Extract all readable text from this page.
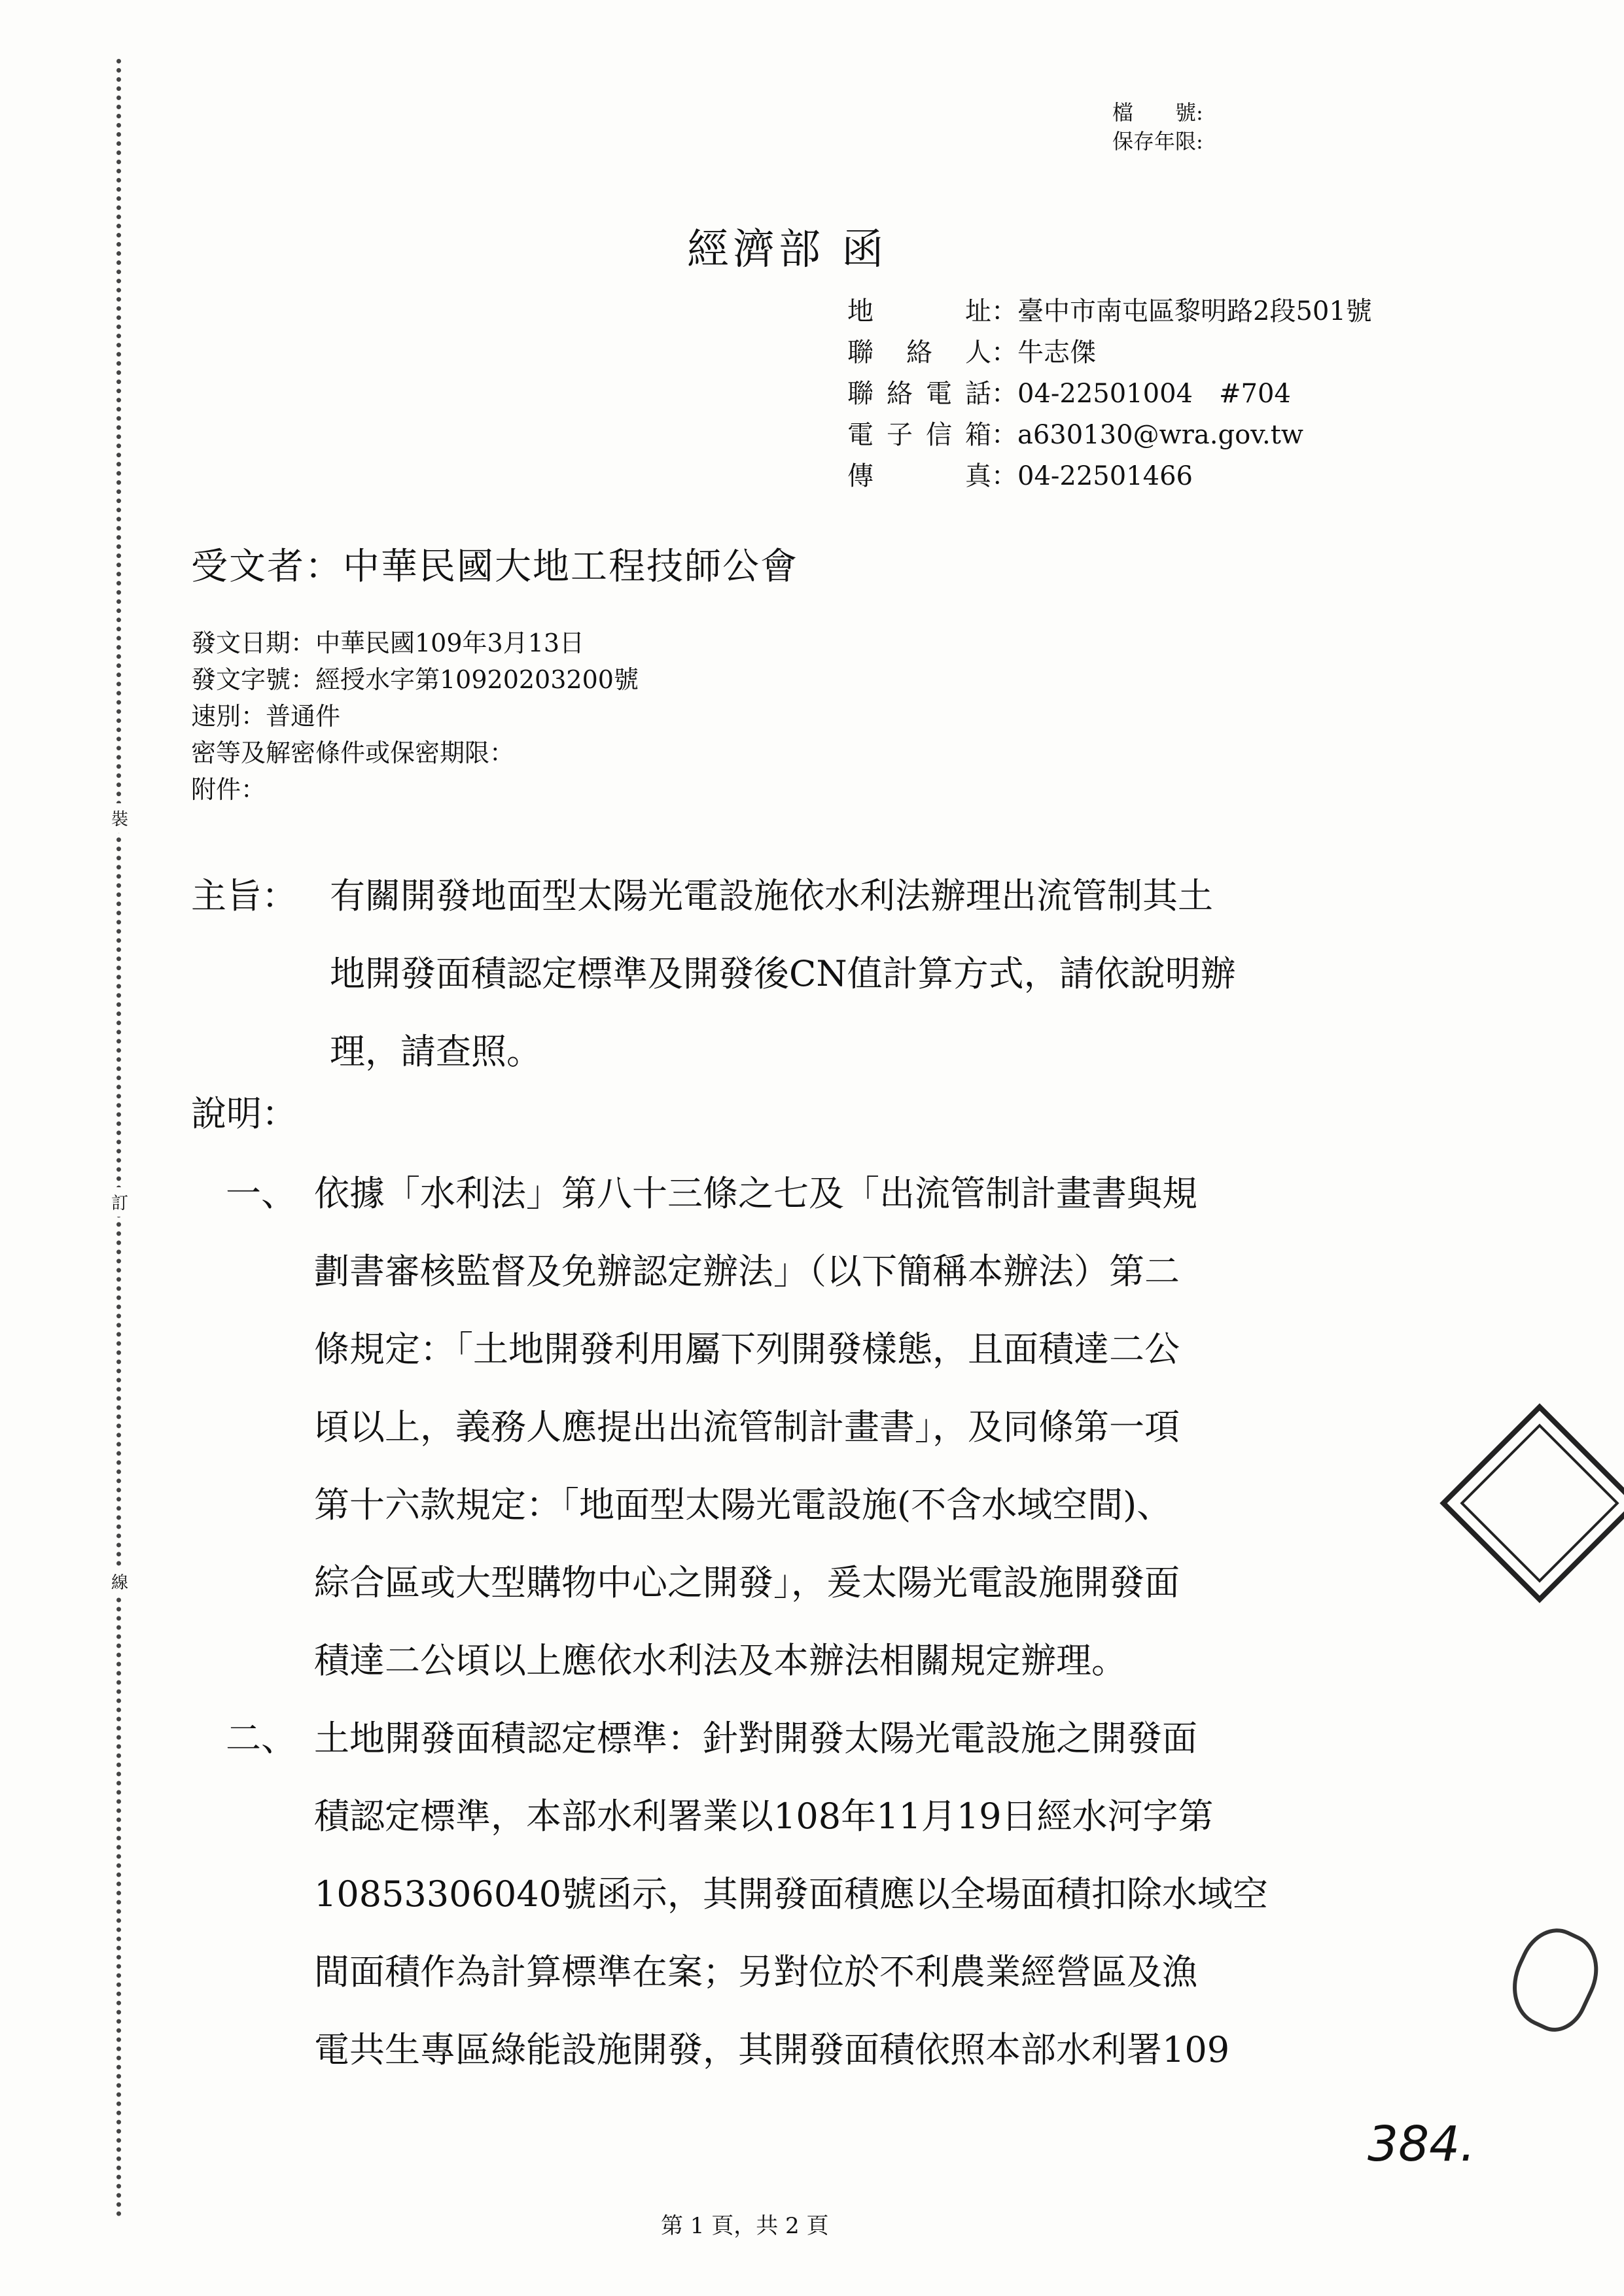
裝
訂
線
檔　　號:
保存年限:
經濟部 函
地址：臺中市南屯區黎明路2段501號
聯絡人：牛志傑
聯絡電話：04-22501004　#704
電子信箱：a630130@wra.gov.tw
傳真：04-22501466
受文者：中華民國大地工程技師公會
發文日期：中華民國109年3月13日
發文字號：經授水字第10920203200號
速別：普通件
密等及解密條件或保密期限：
附件：
主旨： 有關開發地面型太陽光電設施依水利法辦理出流管制其土

地開發面積認定標準及開發後CN值計算方式，請依說明辦

理，請查照。

說明：
一、 依據「水利法」第八十三條之七及「出流管制計畫書與規

劃書審核監督及免辦認定辦法」（以下簡稱本辦法）第二

條規定：「土地開發利用屬下列開發樣態，且面積達二公

頃以上，義務人應提出出流管制計畫書」，及同條第一項

第十六款規定：「地面型太陽光電設施(不含水域空間)、

綜合區或大型購物中心之開發」，爰太陽光電設施開發面

積達二公頃以上應依水利法及本辦法相關規定辦理。

二、 土地開發面積認定標準：針對開發太陽光電設施之開發面

積認定標準，本部水利署業以108年11月19日經水河字第

10853306040號函示，其開發面積應以全場面積扣除水域空

間面積作為計算標準在案；另對位於不利農業經營區及漁

電共生專區綠能設施開發，其開發面積依照本部水利署109

384.
第 1 頁，共 2 頁
